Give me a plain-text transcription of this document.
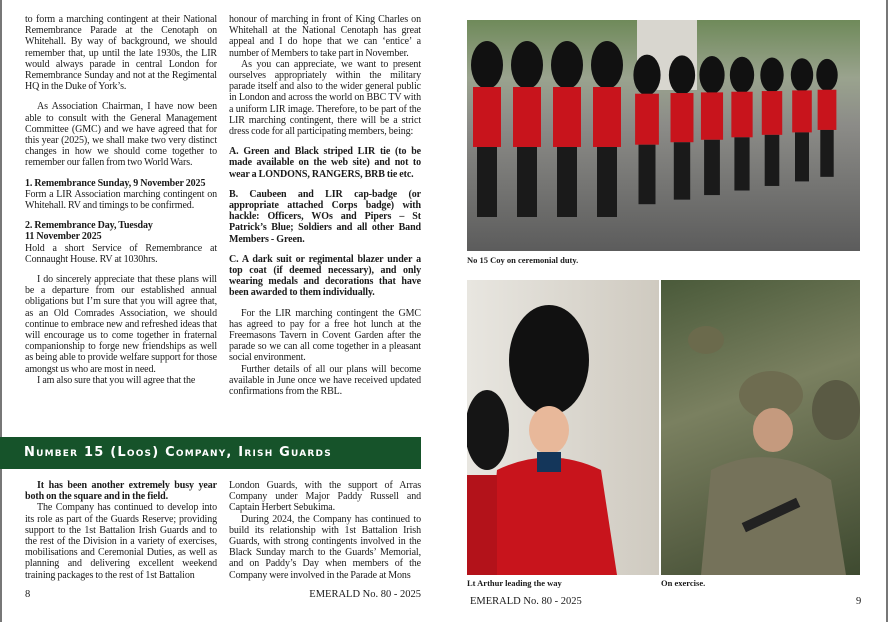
to form a marching contingent at their National Remembrance Parade at the Cenotaph on Whitehall. By way of background, we should remember that, up until the late 1930s, the LIR would always parade in central London for Remembrance Sunday and not at the Regimental HQ in the Duke of York’s.

As Association Chairman, I have now been able to consult with the General Management Committee (GMC) and we have agreed that for this year (2025), we shall make two very distinct changes in how we should come together to remember our fallen from two World Wars.

1. Remembrance Sunday, 9 November 2025

Form a LIR Association marching contingent on Whitehall. RV and timings to be confirmed.

2. Remembrance Day, Tuesday 11 November 2025

Hold a short Service of Remembrance at Connaught House. RV at 1030hrs.

I do sincerely appreciate that these plans will be a departure from our established annual obligations but I’m sure that you will agree that, as an Old Comrades Association, we should continue to embrace new and refreshed ideas that will encourage us to come together in fraternal companionship to forge new friendships as well as being able to provide welfare support for those amongst us who are most in need.

I am also sure that you will agree that the

honour of marching in front of King Charles on Whitehall at the National Cenotaph has great appeal and I do hope that we can ‘entice’ a number of Members to take part in November.

As you can appreciate, we want to present ourselves appropriately within the military parade itself and also to the wider general public in London and across the world on BBC TV with a uniform LIR image. Therefore, to be part of the LIR marching contingent, there will be a strict dress code for all participating members, being:

A. Green and Black striped LIR tie (to be made available on the web site) and not to wear a LONDONS, RANGERS, BRB tie etc.

B. Caubeen and LIR cap-badge (or appropriate attached Corps badge) with hackle: Officers, WOs and Pipers – St Patrick’s Blue; Soldiers and all other Band Members - Green.

C. A dark suit or regimental blazer under a top coat (if deemed necessary), and only wearing medals and decorations that have been awarded to them individually.

For the LIR marching contingent the GMC has agreed to pay for a free hot lunch at the Freemasons Tavern in Covent Garden after the parade so we can all come together in a pleasant social environment.

Further details of all our plans will become available in June once we have received updated confirmations from the RBL.

Number 15 (Loos) Company, Irish Guards

It has been another extremely busy year both on the square and in the field.

The Company has continued to develop into its role as part of the Guards Reserve; providing support to the 1st Battalion Irish Guards and to the rest of the Division in a variety of exercises, mobilisations and Ceremonial Duties, as well as planning and delivering excellent weekend training packages to the rest of 1st Battalion

London Guards, with the support of Arras Company under Major Paddy Russell and Captain Herbert Sebukima.

During 2024, the Company has continued to build its relationship with 1st Battalion Irish Guards, with strong contingents involved in the Black Sunday march to the Guards’ Memorial, and on Paddy’s Day when members of the Company were involved in the Parade at Mons

8	EMERALD No. 80 - 2025
No 15 Coy on ceremonial duty.
Lt Arthur leading the way	On exercise.
EMERALD No. 80 - 2025	9
